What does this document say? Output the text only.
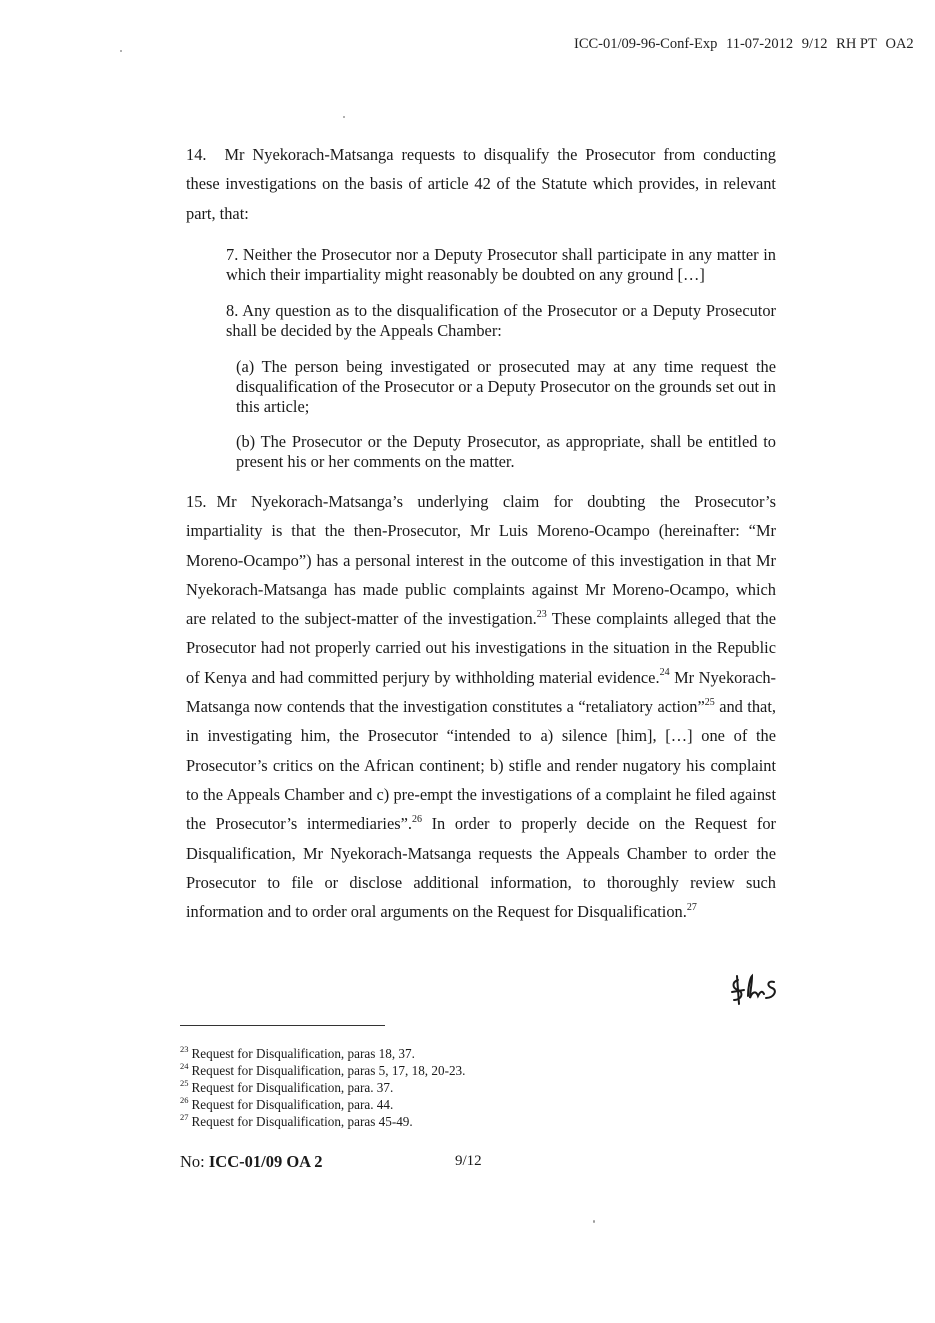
ICC-01/09-96-Conf-Exp 11-07-2012 9/12 RH PT OA2

14. Mr Nyekorach-Matsanga requests to disqualify the Prosecutor from conducting these investigations on the basis of article 42 of the Statute which provides, in relevant part, that:

7. Neither the Prosecutor nor a Deputy Prosecutor shall participate in any matter in which their impartiality might reasonably be doubted on any ground […]
8. Any question as to the disqualification of the Prosecutor or a Deputy Prosecutor shall be decided by the Appeals Chamber:
(a) The person being investigated or prosecuted may at any time request the disqualification of the Prosecutor or a Deputy Prosecutor on the grounds set out in this article;
(b) The Prosecutor or the Deputy Prosecutor, as appropriate, shall be entitled to present his or her comments on the matter.

15. Mr Nyekorach-Matsanga’s underlying claim for doubting the Prosecutor’s impartiality is that the then-Prosecutor, Mr Luis Moreno-Ocampo (hereinafter: “Mr Moreno-Ocampo”) has a personal interest in the outcome of this investigation in that Mr Nyekorach-Matsanga has made public complaints against Mr Moreno-Ocampo, which are related to the subject-matter of the investigation.$^{23}$ These complaints alleged that the Prosecutor had not properly carried out his investigations in the situation in the Republic of Kenya and had committed perjury by withholding material evidence.$^{24}$ Mr Nyekorach-Matsanga now contends that the investigation constitutes a “retaliatory action”$^{25}$ and that, in investigating him, the Prosecutor “intended to a) silence [him], […] one of the Prosecutor’s critics on the African continent; b) stifle and render nugatory his complaint to the Appeals Chamber and c) pre-empt the investigations of a complaint he filed against the Prosecutor’s intermediaries”.$^{26}$ In order to properly decide on the Request for Disqualification, Mr Nyekorach-Matsanga requests the Appeals Chamber to order the Prosecutor to file or disclose additional information, to thoroughly review such information and to order oral arguments on the Request for Disqualification.$^{27}$

$^{23}$ Request for Disqualification, paras 18, 37.
$^{24}$ Request for Disqualification, paras 5, 17, 18, 20-23.
$^{25}$ Request for Disqualification, para. 37.
$^{26}$ Request for Disqualification, para. 44.
$^{27}$ Request for Disqualification, paras 45-49.
No: ICC-01/09 OA 2	9/12
